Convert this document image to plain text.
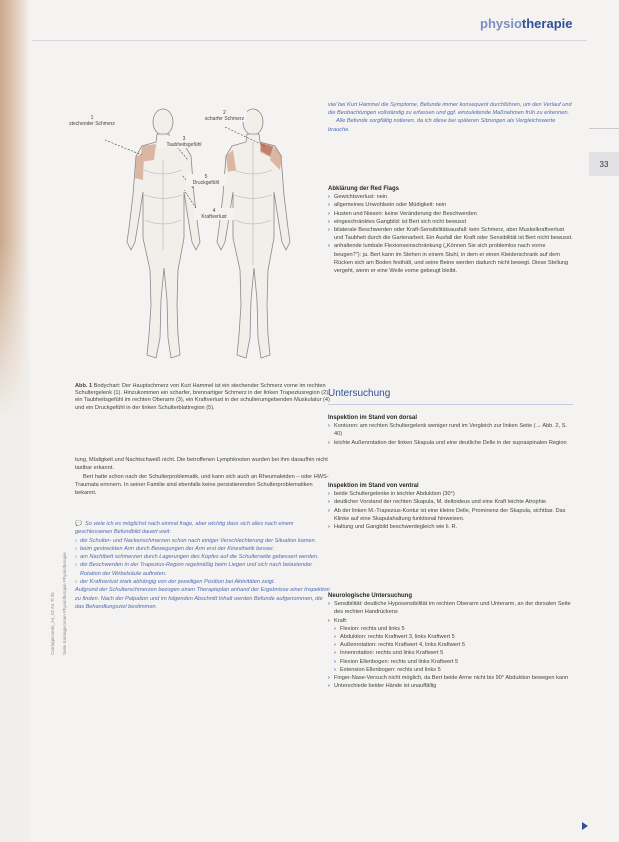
physiotherapie
33
Carriagecomm_A4_02 A4 Tl 35 Seite Karriagecomm Physiotherapie Physiotherapie
1
stechender Schmerz
2
scharfer Schmerz
3
Taubheitsgefühl
5
Druckgefühl
4
Kraftverlust
Abb. 1 Bodychart: Der Hauptschmerz von Kurt Hammel ist ein stechender Schmerz vorne im rechten Schultergelenk (1). Hinzukommen ein scharfer, brennartiger Schmerz in der linken Trapeziusregion (2), ein Taubheitsgefühl im rechten Oberarm (3), ein Kraftverlust in der schulterumgebenden Muskulatur (4) und ein Druckgefühl in der linken Schulterblattregion (5).

tung, Müdigkeit und Nachtschweiß nicht. Die betroffenen Lymphknoten wurden bei ihm daraufhin nicht tastbar erkannt.

Bert hatte schon nach der Schulterproblematik, und kann sich auch an Rheumaleiden – oder HWS-Traumata erinnern. In seiner Familie sind ebenfalls keine persistierenden Schulterproblematiken bekannt.

💬 So viele ich es möglichst nach einmal frage, aber wichtig dass sich alles nach einem geschlossenen Befundbild dauert weit:
› die Schulter- und Nackenschmerzen schon nach einiger Verschlechterung der Situation kamen.
› beim gestreckten Arm durch Bewegungen der Arm erst der Kinesthetik besser.
› am Nachtbett schmerzen durch Lagerungen des Kopfes auf die Schulterseite gebessert werden.
› die Beschwerden in der Trapezius-Region regelmäßig beim Liegen und sich nach belastender Rotation der Wirbelsäule auftreten.
› der Kraftverlust stark abhängig von der jeweiligen Position bei Aktivitäten zeigt.
Aufgrund der Schulterschmerzen bezogen einen Therapieplan anhand der Ergebnisse einer Inspektion zu finden. Nach der Palpation und im folgenden Abschnitt Inhalt werden Befunde aufgenommen, die das Behandlungsziel bestimmen.

viel bei Kurt Hammel die Symptome, Befunde immer konsequent durchführen, um den Verlauf und die Beobachtungen vollständig zu erfassen und ggf. einzuleitende Maßnahmen früh zu erkennen.

Alle Befunde sorgfältig notieren, da ich diese bei späteren Sitzungen als Vergleichswerte brauche.

Abklärung der Red Flags
› Gewichtsverlust: nein
› allgemeines Unwohlsein oder Müdigkeit: nein
› Husten und Niesen: keine Veränderung der Beschwerden
› eingeschränktes Gangbild: ist Bert sich nicht bewusst
› bilaterale Beschwerden oder Kraft-Sensibilitätsausfall: kein Schmerz, aber Muskelkraftverlust und Taubheit durch die Gartenarbeit. Ein Ausfall der Kraft oder Sensibilität ist Bert nicht bewusst.
› anhaltende lumbale Flexionseinschränkung („Können Sie sich problemlos nach vorne beugen?"): ja. Bert kann im Stehen in einem Stuhl, in dem er einen Kleiderschrank auf dem Rücken sich am Boden festhält, und seine Beine werden dadurch nicht bewegt. Diese Stellung vergeht, wenn er eine Weile vorne gebeugt bleibt.
Untersuchung
Inspektion im Stand von dorsal
› Konturen: am rechten Schultergelenk weniger rund im Vergleich zur linken Seite (→ Abb. 2, S. 40)
› leichte Außenrotation der linken Skapula und eine deutliche Delle in der supraspinalen Region
Inspektion im Stand von ventral
› beide Schultergelenke in leichter Abduktion (30°)
› deutlicher Vorstand der rechten Skapula, M. deltoideus und eine Kraft leichte Atrophie
› Ab der linken M.-Trapezius-Kontur ist eine kleine Delle, Prominenz der Skapula, sichtbar. Das Klinke auf eine Skapulahaltung funktional hinweisen.
› Haltung und Gangbild beschwerdegleich wie li. R.
Neurologische Untersuchung
› Sensibilität: deutliche Hyposensibilität im rechten Oberarm und Unterarm, an der dorsalen Seite des rechten Handrückens
› Kraft:
› Flexion: rechts und links 5
› Abduktion: rechts Kraftwert 3, links Kraftwert 5
› Außenrotation: rechts Kraftwert 4, links Kraftwert 5
› Innenrotation: rechts und links Kraftwert 5
› Flexion Ellenbogen: rechts und links Kraftwert 5
› Extension Ellenbogen: rechts und links 5
› Finger-Nase-Versuch nicht möglich, da Bert beide Arme nicht bis 90° Abduktion bewegen kann
› Unterschiede beider Hände ist unauffällig
